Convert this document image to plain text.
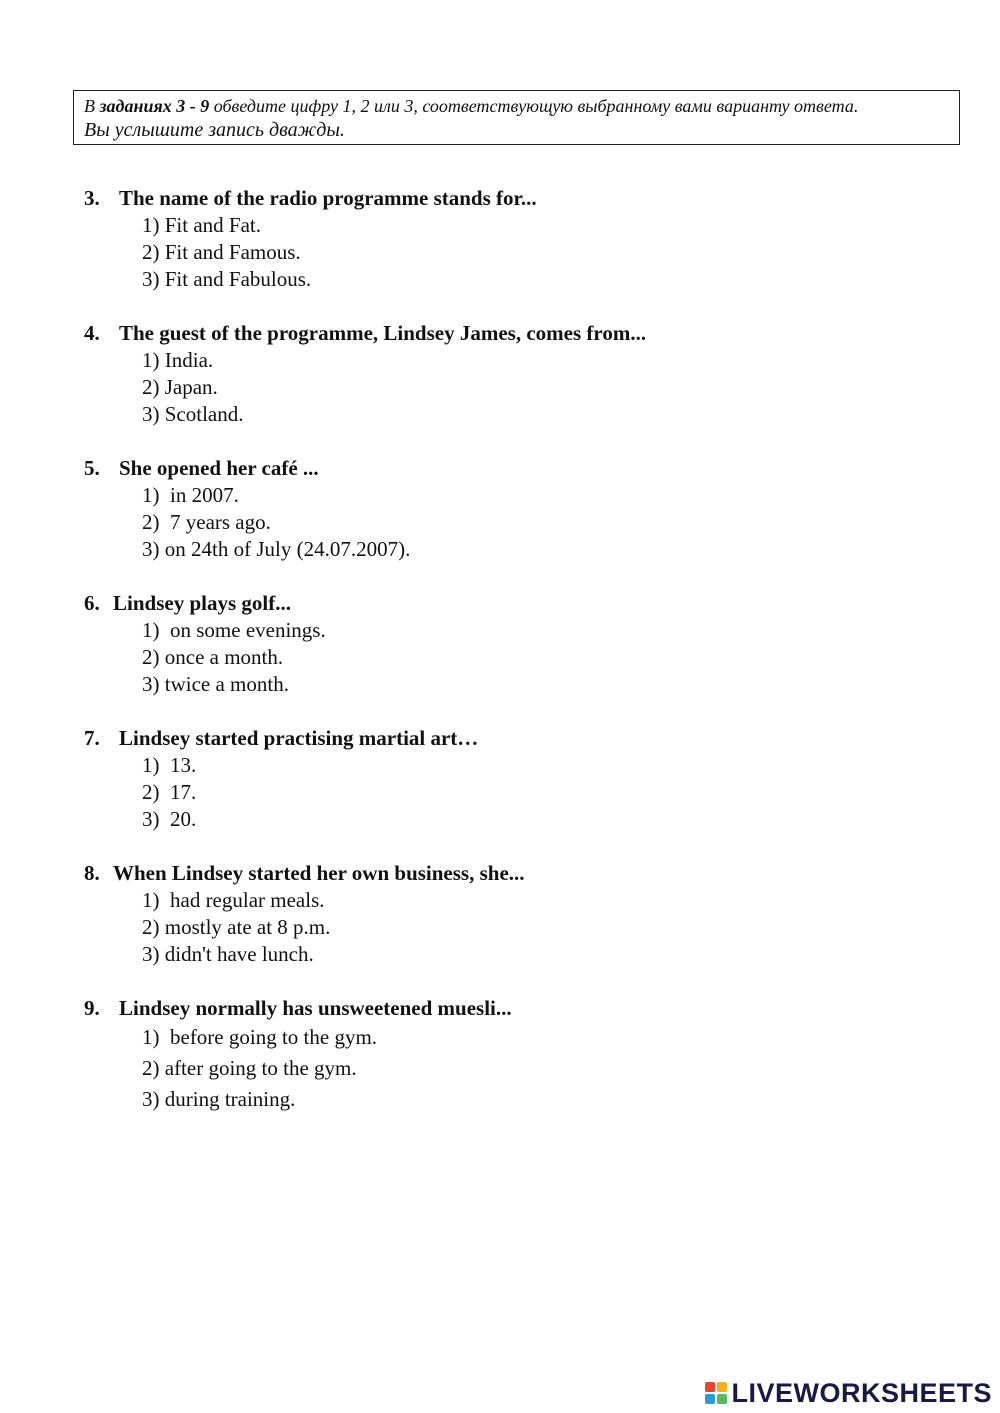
В заданиях 3 - 9 обведите цифру 1, 2 или 3, соответствующую выбранному вами варианту ответа.
Вы услышите запись дважды.

3. The name of the radio programme stands for...

1) Fit and Fat.
2) Fit and Famous.
3) Fit and Fabulous.

4. The guest of the programme, Lindsey James, comes from...

1) India.
2) Japan.
3) Scotland.

5. She opened her café ...

1)  in 2007.
2)  7 years ago.
3) on 24th of July (24.07.2007).

6. Lindsey plays golf...

1)  on some evenings.
2) once a month.
3) twice a month.

7. Lindsey started practising martial art…

1)  13.
2)  17.
3)  20.

8. When Lindsey started her own business, she...

1)  had regular meals.
2) mostly ate at 8 p.m.
3) didn't have lunch.

9. Lindsey normally has unsweetened muesli...

1)  before going to the gym.
2) after going to the gym.
3) during training.
LIVEWORKSHEETS
